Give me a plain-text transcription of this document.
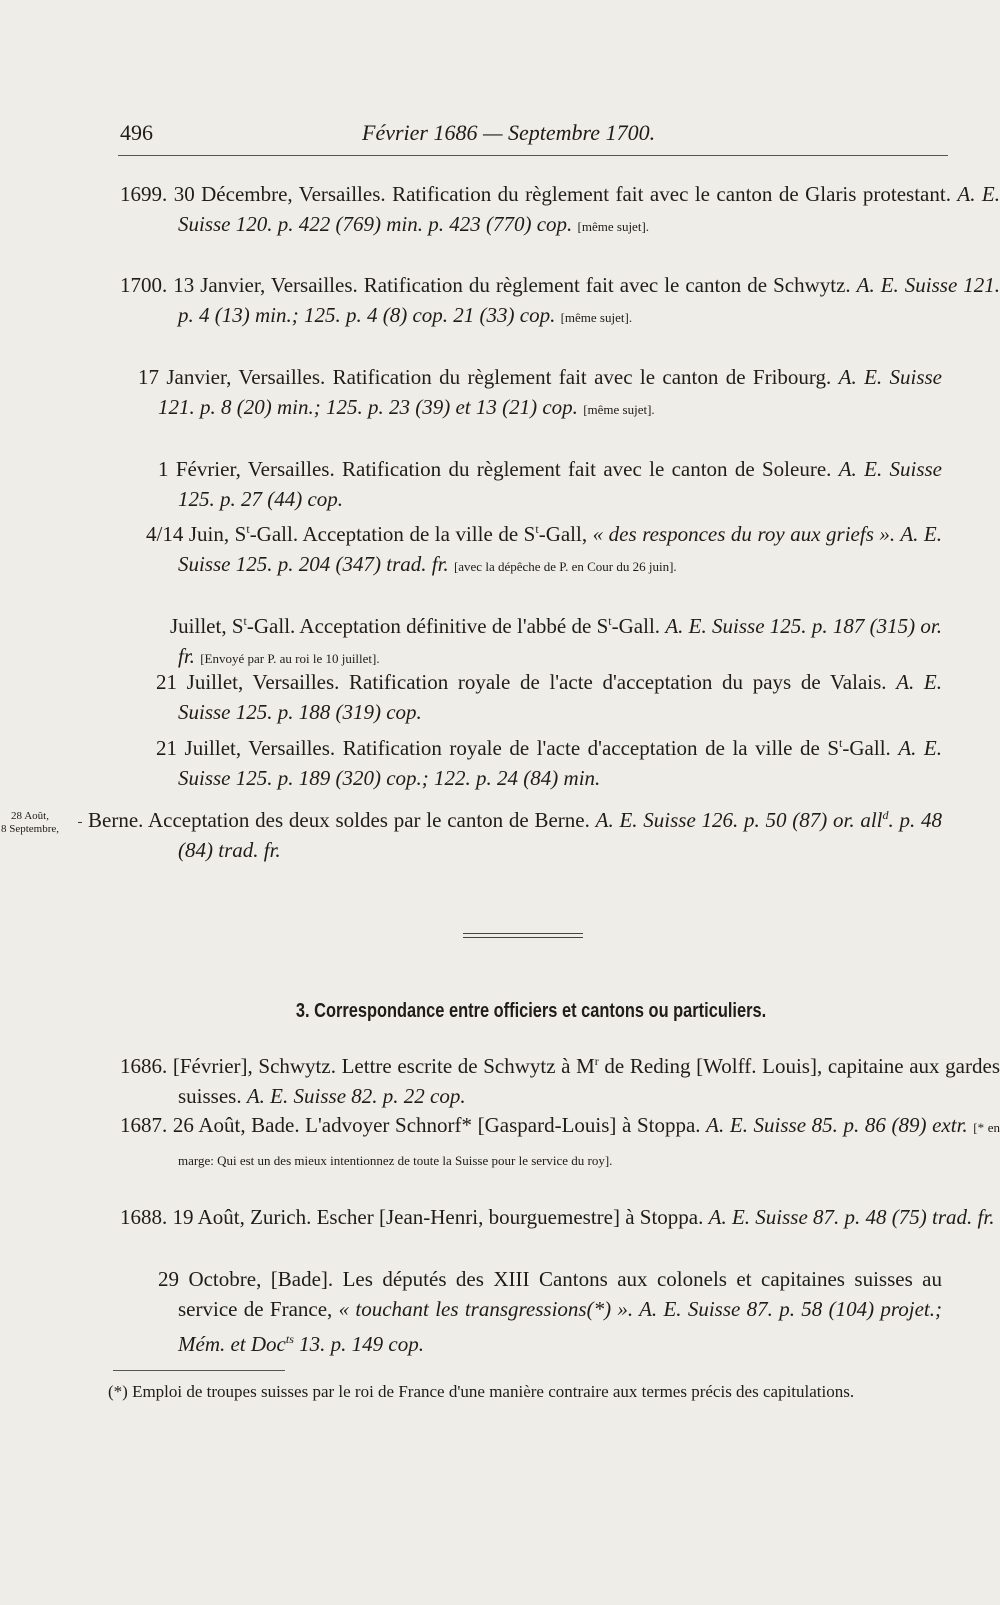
496	Février 1686 — Septembre 1700.
1699. 30 Décembre, Versailles. Ratification du règlement fait avec le canton de Glaris protestant. A. E. Suisse 120. p. 422 (769) min. p. 423 (770) cop. [même sujet].
1700. 13 Janvier, Versailles. Ratification du règlement fait avec le canton de Schwytz. A. E. Suisse 121. p. 4 (13) min.; 125. p. 4 (8) cop. 21 (33) cop. [même sujet].
17 Janvier, Versailles. Ratification du règlement fait avec le canton de Fribourg. A. E. Suisse 121. p. 8 (20) min.; 125. p. 23 (39) et 13 (21) cop. [même sujet].
1 Février, Versailles. Ratification du règlement fait avec le canton de Soleure. A. E. Suisse 125. p. 27 (44) cop.
4/14 Juin, $S^t$-Gall. Acceptation de la ville de $S^t$-Gall, « des responces du roy aux griefs ». A. E. Suisse 125. p. 204 (347) trad. fr. [avec la dépêche de P. en Cour du 26 juin].
Juillet, $S^t$-Gall. Acceptation définitive de l'abbé de $S^t$-Gall. A. E. Suisse 125. p. 187 (315) or. fr. [Envoyé par P. au roi le 10 juillet].
21 Juillet, Versailles. Ratification royale de l'acte d'acceptation du pays de Valais. A. E. Suisse 125. p. 188 (319) cop.
21 Juillet, Versailles. Ratification royale de l'acte d'acceptation de la ville de $S^t$-Gall. A. E. Suisse 125. p. 189 (320) cop.; 122. p. 24 (84) min.
$\frac{\text{28 Août,}}{\text{8 Septembre,}}$ Berne. Acceptation des deux soldes par le canton de Berne. A. E. Suisse 126. p. 50 (87) or. all$^d$. p. 48 (84) trad. fr.
3. Correspondance entre officiers et cantons ou particuliers.
1686. [Février], Schwytz. Lettre escrite de Schwytz à $M^r$ de Reding [Wolff. Louis], capitaine aux gardes suisses. A. E. Suisse 82. p. 22 cop.
1687. 26 Août, Bade. L'advoyer Schnorf* [Gaspard-Louis] à Stoppa. A. E. Suisse 85. p. 86 (89) extr. [* en marge: Qui est un des mieux intentionnez de toute la Suisse pour le service du roy].
1688. 19 Août, Zurich. Escher [Jean-Henri, bourguemestre] à Stoppa. A. E. Suisse 87. p. 48 (75) trad. fr.
29 Octobre, [Bade]. Les députés des XIII Cantons aux colonels et capitaines suisses au service de France, « touchant les transgressions(*) ». A. E. Suisse 87. p. 58 (104) projet.; Mém. et Doc$^{ts}$ 13. p. 149 cop.
(*) Emploi de troupes suisses par le roi de France d'une manière contraire aux termes précis des capitulations.
